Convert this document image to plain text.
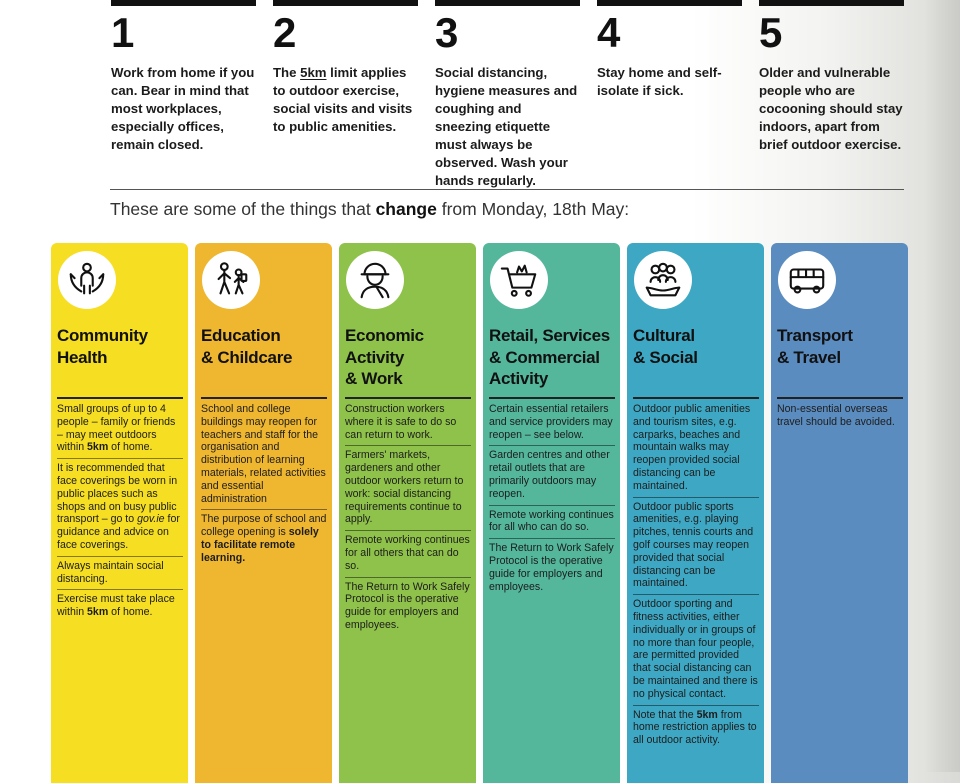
1
Work from home if you can. Bear in mind that most workplaces, especially offices, remain closed.
2
The 5km limit applies to outdoor exercise, social visits and visits to public amenities.
3
Social distancing, hygiene measures and coughing and sneezing etiquette must always be observed. Wash your hands regularly.
4
Stay home and self-isolate if sick.
5
Older and vulnerable people who are cocooning should stay indoors, apart from brief outdoor exercise.
These are some of the things that change from Monday, 18th May:
Community
Health
Small groups of up to 4 people – family or friends – may meet outdoors within 5km of home.
It is recommended that face coverings be worn in public places such as shops and on busy public transport – go to gov.ie for guidance and advice on face coverings.
Always maintain social distancing.
Exercise must take place within 5km of home.
Education
& Childcare
School and college buildings may reopen for teachers and staff for the organisation and distribution of learning materials, related activities and essential administration
The purpose of school and college opening is solely to facilitate remote learning.
Economic
Activity
& Work
Construction workers where it is safe to do so can return to work.
Farmers' markets, gardeners and other outdoor workers return to work: social distancing requirements continue to apply.
Remote working continues for all others that can do so.
The Return to Work Safely Protocol is the operative guide for employers and employees.
Retail, Services
& Commercial
Activity
Certain essential retailers and service providers may reopen – see below.
Garden centres and other retail outlets that are primarily outdoors may reopen.
Remote working continues for all who can do so.
The Return to Work Safely Protocol is the operative guide for employers and employees.
Cultural
& Social
Outdoor public amenities and tourism sites, e.g. carparks, beaches and mountain walks may reopen provided social distancing can be maintained.
Outdoor public sports amenities, e.g. playing pitches, tennis courts and golf courses may reopen provided that social distancing can be maintained.
Outdoor sporting and fitness activities, either individually or in groups of no more than four people, are permitted provided that social distancing can be maintained and there is no physical contact.
Note that the 5km from home restriction applies to all outdoor activity.
Transport
& Travel
Non-essential overseas travel should be avoided.
